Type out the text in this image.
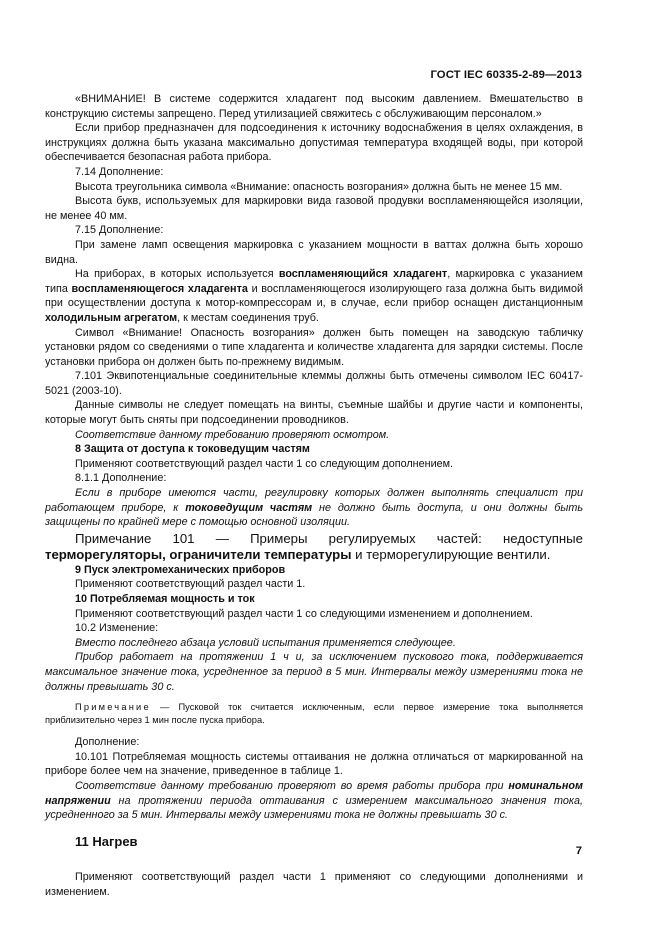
ГОСТ IEC 60335-2-89—2013

«ВНИМАНИЕ! В системе содержится хладагент под высоким давлением. Вмешательство в конструкцию системы запрещено. Перед утилизацией свяжитесь с обслуживающим персоналом.»

Если прибор предназначен для подсоединения к источнику водоснабжения в целях охлаждения, в инструкциях должна быть указана максимально допустимая температура входящей воды, при которой обеспечивается безопасная работа прибора.

7.14 Дополнение:

Высота треугольника символа «Внимание: опасность возгорания» должна быть не менее 15 мм.

Высота букв, используемых для маркировки вида газовой продувки воспламеняющейся изоляции, не менее 40 мм.

7.15 Дополнение:

При замене ламп освещения маркировка с указанием мощности в ваттах должна быть хорошо видна.

На приборах, в которых используется воспламеняющийся хладагент, маркировка с указанием типа воспламеняющегося хладагента и воспламеняющегося изолирующего газа должна быть видимой при осуществлении доступа к мотор-компрессорам и, в случае, если прибор оснащен дистанционным холодильным агрегатом, к местам соединения труб.

Символ «Внимание! Опасность возгорания» должен быть помещен на заводскую табличку установки рядом со сведениями о типе хладагента и количестве хладагента для зарядки системы. После установки прибора он должен быть по-прежнему видимым.

7.101 Эквипотенциальные соединительные клеммы должны быть отмечены символом IEC 60417-5021 (2003-10).

Данные символы не следует помещать на винты, съемные шайбы и другие части и компоненты, которые могут быть сняты при подсоединении проводников.

Соответствие данному требованию проверяют осмотром.

8 Защита от доступа к токоведущим частям

Применяют соответствующий раздел части 1 со следующим дополнением.

8.1.1 Дополнение:

Если в приборе имеются части, регулировку которых должен выполнять специалист при работающем приборе, к токоведущим частям не должно быть доступа, и они должны быть защищены по крайней мере с помощью основной изоляции.

Примечание 101 — Примеры регулируемых частей: недоступные терморегуляторы, ограничители температуры и терморегулирующие вентили.

9 Пуск электромеханических приборов

Применяют соответствующий раздел части 1.

10 Потребляемая мощность и ток

Применяют соответствующий раздел части 1 со следующими изменением и дополнением.

10.2 Изменение:

Вместо последнего абзаца условий испытания применяется следующее.

Прибор работает на протяжении 1 ч и, за исключением пускового тока, поддерживается максимальное значение тока, усредненное за период в 5 мин. Интервалы между измерениями тока не должны превышать 30 с.

Примечание — Пусковой ток считается исключенным, если первое измерение тока выполняется приблизительно через 1 мин после пуска прибора.

Дополнение:

10.101 Потребляемая мощность системы оттаивания не должна отличаться от маркированной на приборе более чем на значение, приведенное в таблице 1.

Соответствие данному требованию проверяют во время работы прибора при номинальном напряжении на протяжении периода оттаивания с измерением максимального значения тока, усредненного за 5 мин. Интервалы между измерениями тока не должны превышать 30 с.

11 Нагрев

Применяют соответствующий раздел части 1 применяют со следующими дополнениями и изменением.

7
